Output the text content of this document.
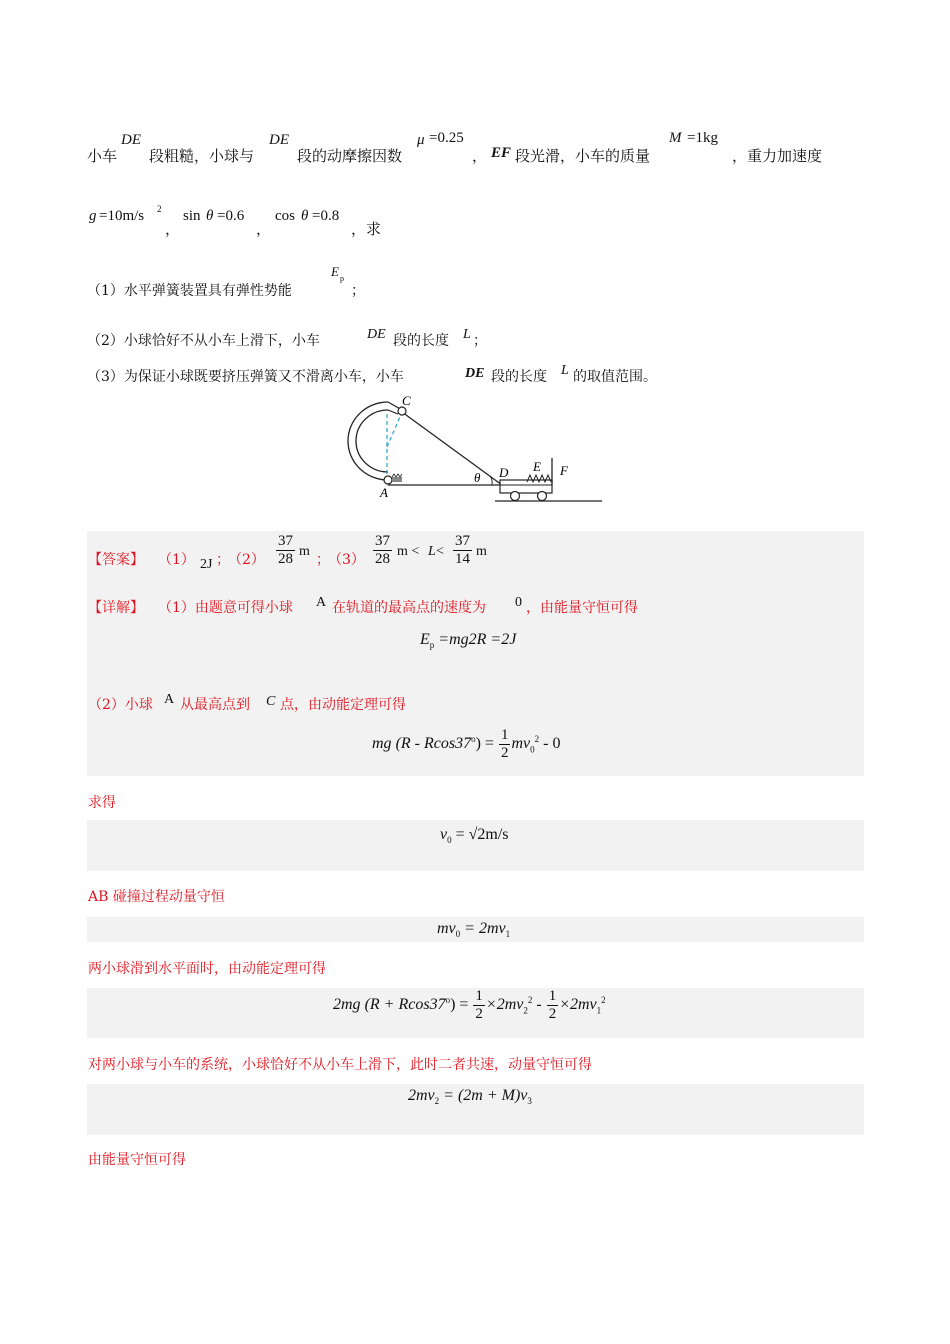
小车
DE
段粗糙，小球与
DE
段的动摩擦因数
μ =0.25
， EF 段光滑，小车的质量
M =1kg
，重力加速度
g =10m/s 2
，
sin θ =0.6
，
cos θ =0.8
，求
（1）水平弹簧装置具有弹性势能
E p
；
（2）小球恰好不从小车上滑下，小车	DE 段的长度 L ；
（3）为保证小球既要挤压弹簧又不滑离小车，小车	DE 段的长度 L 的取值范围。
C
A
θ D E F
【答案】 （1） 2J ；
$(2) \frac{37}{28}$ m
；
$(3) \frac{37}{28}$ $m < L < \frac{37}{14}$ m
【详解】 （1）由题意可得小球 A 在轨道的最高点的速度为 0 ，由能量守恒可得
$E_p =mg2R =2J$
（2）小球 A 从最高点到 C 点，由动能定理可得
mg $(R - Rcos37^o) = \frac{1}{2} mv_0^2 - 0$
求得
$v_0 = √2m/s$
AB 碰撞过程动量守恒
$mv_0 = 2mv_1$
两小球滑到水平面时，由动能定理可得
2mg $(R + Rcos37^o) = \frac{1}{2} \times 2mv_2^2 - \frac{1}{2} \times 2mv_1^2$
对两小球与小车的系统，小球恰好不从小车上滑下，此时二者共速，动量守恒可得
$2mv_2 = (2m + M)v_3$
由能量守恒可得
